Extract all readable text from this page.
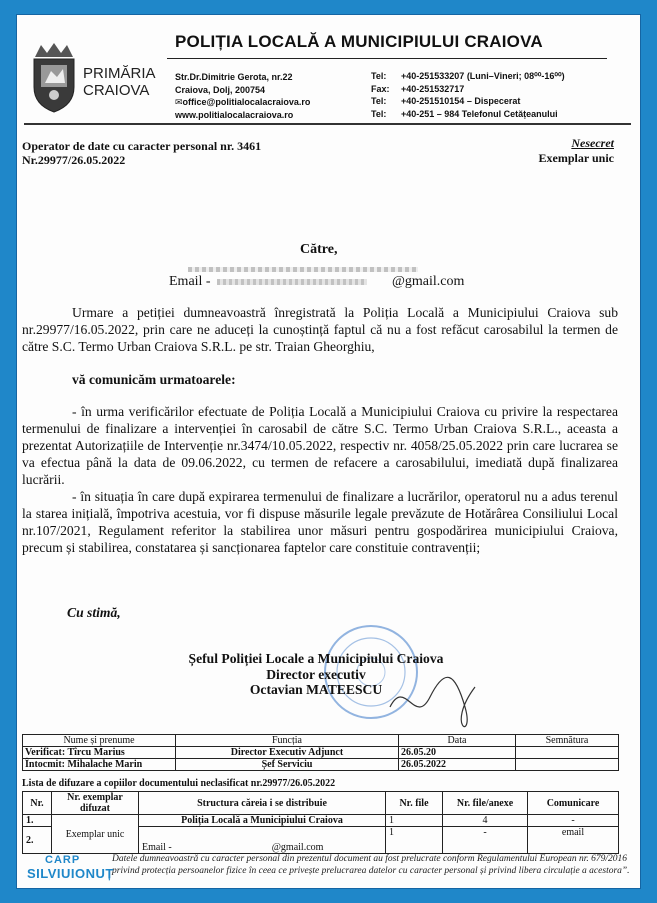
PRIMĂRIA
CRAIOVA
POLIȚIA LOCALĂ A MUNICIPIULUI CRAIOVA
Str.Dr.Dimitrie Gerota, nr.22
Craiova, Dolj, 200754
✉office@politialocalacraiova.ro
www.politialocalacraiova.ro
Tel:	+40-251533207 (Luni–Vineri; 08⁰⁰-16⁰⁰)
Fax:	+40-251532717
Tel:	+40-251510154 – Dispecerat
Tel:	+40-251 – 984 Telefonul Cetățeanului
Operator de date cu caracter personal nr. 3461
Nr.29977/26.05.2022
Nesecret
Exemplar unic
Către,
Email -	@gmail.com

Urmare a petiției dumneavoastră înregistrată la Poliția Locală a Municipiului Craiova sub nr.29977/16.05.2022, prin care ne aduceți la cunoștință faptul că nu a fost refăcut carosabilul la termen de către S.C. Termo Urban Craiova S.R.L. pe str. Traian Gheorghiu,

vă comunicăm urmatoarele:

- în urma verificărilor efectuate de Poliția Locală a Municipiului Craiova cu privire la respectarea termenului de finalizare a intervenției în carosabil de către S.C. Termo Urban Craiova S.R.L., aceasta a prezentat Autorizațiile de Intervenție nr.3474/10.05.2022, respectiv nr. 4058/25.05.2022 prin care lucrarea se va efectua până la data de 09.06.2022, cu termen de refacere a carosabilului, imediată după finalizarea lucrării.

- în situația în care după expirarea termenului de finalizare a lucrărilor, operatorul nu a adus terenul la starea inițială, împotriva acestuia, vor fi dispuse măsurile legale prevăzute de Hotărârea Consiliului Local nr.107/2021, Regulament referitor la stabilirea unor măsuri pentru gospodărirea municipiului Craiova, precum și stabilirea, constatarea și sancționarea faptelor care constituie contravenții;

Cu stimă,
Șeful Poliției Locale a Municipiului Craiova
Director executiv
Octavian MATEESCU
Nume și prenume	Funcția	Data	Semnătura
Verificat: Tîrcu Marius	Director Executiv Adjunct	26.05.20	
Întocmit: Mihalache Marin	Șef Serviciu	26.05.2022	
Lista de difuzare a copiilor documentului neclasificat nr.29977/26.05.2022
Nr.	Nr. exemplar difuzat	Structura căreia i se distribuie	Nr. file	Nr. file/anexe	Comunicare
1.	Exemplar unic	Poliția Locală a Municipiului Craiova	1	4	-
2.		Email - @gmail.com	1	-	email
Datele dumneavoastră cu caracter personal din prezentul document au fost prelucrate conform Regulamentului European nr. 679/2016 privind protecția persoanelor fizice în ceea ce privește prelucrarea datelor cu caracter personal și privind libera circulație a acestora”.
CARP
SILVIUIONUȚ
